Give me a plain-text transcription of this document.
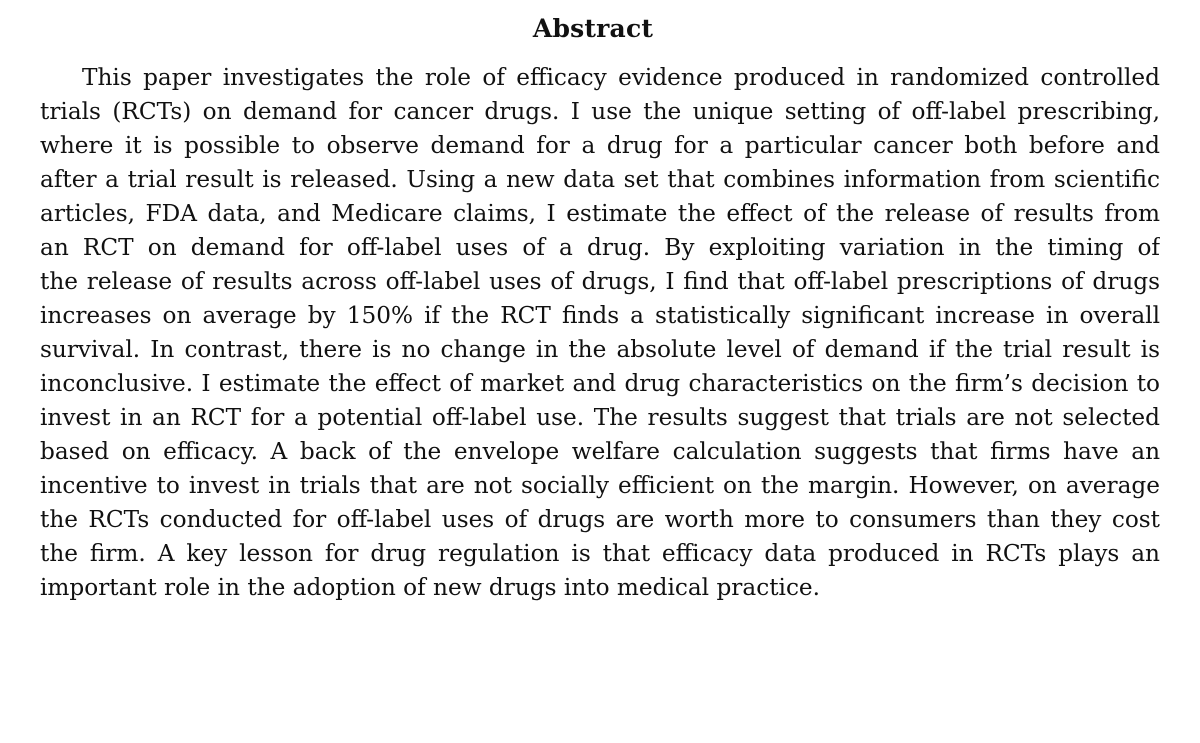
Abstract
This paper investigates the role of efficacy evidence produced in randomized controlled
trials (RCTs) on demand for cancer drugs. I use the unique setting of off-label prescribing,
where it is possible to observe demand for a drug for a particular cancer both before and
after a trial result is released. Using a new data set that combines information from scientific
articles, FDA data, and Medicare claims, I estimate the effect of the release of results from
an RCT on demand for off-label uses of a drug. By exploiting variation in the timing of
the release of results across off-label uses of drugs, I find that off-label prescriptions of drugs
increases on average by 150% if the RCT finds a statistically significant increase in overall
survival. In contrast, there is no change in the absolute level of demand if the trial result is
inconclusive. I estimate the effect of market and drug characteristics on the firm’s decision to
invest in an RCT for a potential off-label use. The results suggest that trials are not selected
based on efficacy. A back of the envelope welfare calculation suggests that firms have an
incentive to invest in trials that are not socially efficient on the margin. However, on average
the RCTs conducted for off-label uses of drugs are worth more to consumers than they cost
the firm. A key lesson for drug regulation is that efficacy data produced in RCTs plays an
important role in the adoption of new drugs into medical practice.
